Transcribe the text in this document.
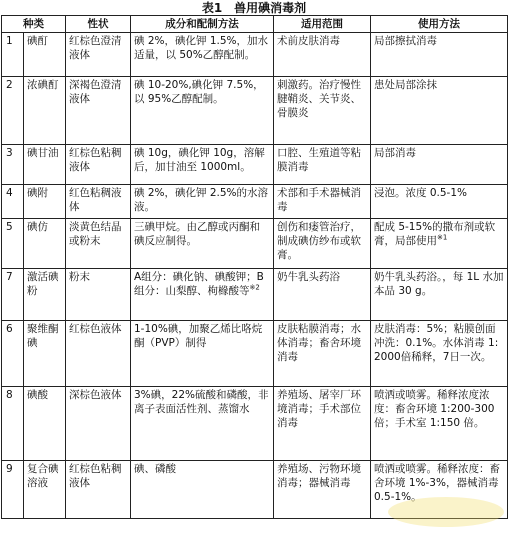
表1　兽用碘消毒剂
种类		性状	成分和配制方法	适用范围	使用方法
1	碘酊	红棕色澄清液体	碘 2%，碘化钾 1.5%，加水适量，以 50%乙醇配制。	术前皮肤消毒	局部擦拭消毒
2	浓碘酊	深褐色澄清液体	碘 10-20%,碘化钾 7.5%，以 95%乙醇配制。	刺激药。治疗慢性腱鞘炎、关节炎、骨膜炎	患处局部涂抹
3	碘甘油	红棕色粘稠液体	碘 10g，碘化钾 10g，溶解后，加甘油至 1000ml。	口腔、生殖道等粘膜消毒	局部消毒
4	碘附	红色粘稠液体	碘 2%，碘化钾 2.5%的水溶液。	术部和手术器械消毒	浸泡。浓度 0.5-1%
5	碘仿	淡黄色结晶或粉末	三碘甲烷。由乙醇或丙酮和碘反应制得。	创伤和瘘管治疗，制成碘仿纱布或软膏。	配成 5-15%的撒布剂或软膏，局部使用$^{※1}$
7	激活碘粉	粉末	A组分：碘化钠、碘酸钾；B组分：山梨醇、枸橼酸等$^{※2}$	奶牛乳头药浴	奶牛乳头药浴。，每 1L 水加本品 30 g。
6	聚维酮碘	红棕色液体	1-10%碘，加聚乙烯比咯烷酮（PVP）制得	皮肤粘膜消毒；水体消毒；畜舍环境消毒	皮肤消毒：5%；粘膜创面冲洗：0.1%。水体消毒 1:2000倍稀释，7日一次。
8	碘酸	深棕色液体	3%碘，22%硫酸和磷酸，非离子表面活性剂、蒸馏水	养殖场、屠宰厂环境消毒；手术部位消毒	喷洒或喷雾。稀释浓度浓度：畜舍环境 1:200-300倍；手术室 1:150 倍。
9	复合碘溶液	红棕色粘稠液体	碘、磷酸	养殖场、污物环境消毒；器械消毒	喷洒或喷雾。稀释浓度：畜舍环境 1%-3%，器械消毒 0.5-1%。
